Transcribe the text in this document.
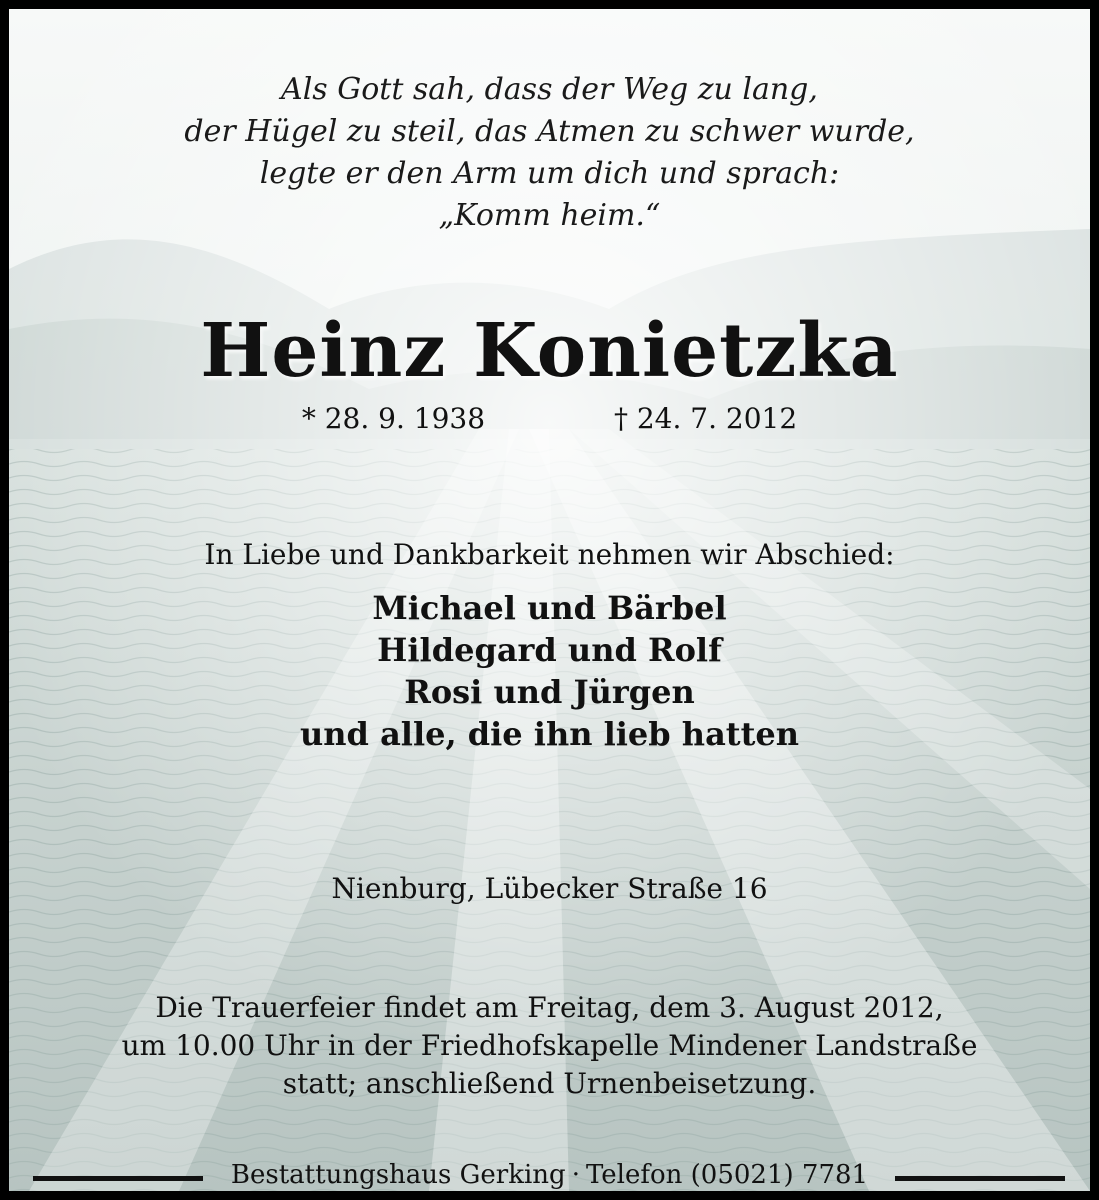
Als Gott sah, dass der Weg zu lang,
der Hügel zu steil, das Atmen zu schwer wurde,
legte er den Arm um dich und sprach:
„Komm heim.“
Heinz Konietzka
* 28. 9. 1938	† 24. 7. 2012
In Liebe und Dankbarkeit nehmen wir Abschied:
Michael und Bärbel
Hildegard und Rolf
Rosi und Jürgen
und alle, die ihn lieb hatten
Nienburg, Lübecker Straße 16
Die Trauerfeier findet am Freitag, dem 3. August 2012,
um 10.00 Uhr in der Friedhofskapelle Mindener Landstraße
statt; anschließend Urnenbeisetzung.
Bestattungshaus Gerking · Telefon (05021) 7781
